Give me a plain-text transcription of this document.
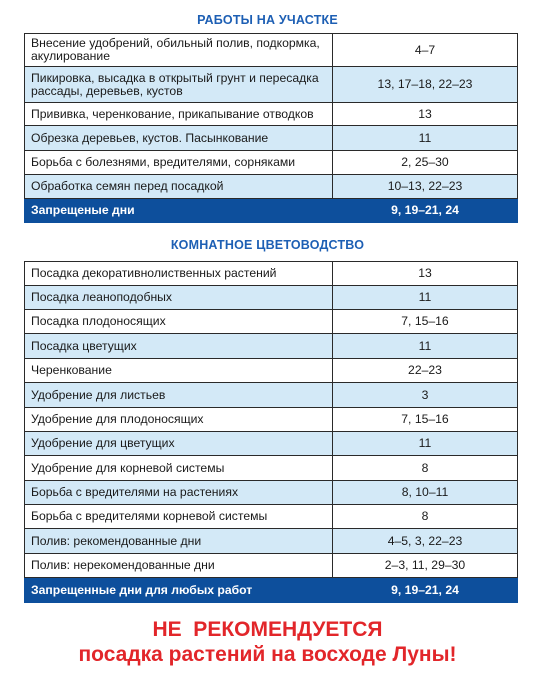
РАБОТЫ НА УЧАСТКЕ
Внесение удобрений, обильный полив, подкормка, акулирование	4–7
Пикировка, высадка в открытый грунт и пересадка рассады, деревьев, кустов	13, 17–18, 22–23
Прививка, черенкование, прикапывание отводков	13
Обрезка деревьев, кустов. Пасынкование	11
Борьба с болезнями, вредителями, сорняками	2, 25–30
Обработка семян перед посадкой	10–13, 22–23
Запрещеные дни	9, 19–21, 24
КОМНАТНОЕ ЦВЕТОВОДСТВО
Посадка декоративнолиственных растений	13
Посадка леаноподобных	11
Посадка плодоносящих	7, 15–16
Посадка цветущих	11
Черенкование	22–23
Удобрение для листьев	3
Удобрение для плодоносящих	7, 15–16
Удобрение для цветущих	11
Удобрение для корневой системы	8
Борьба с вредителями на растениях	8, 10–11
Борьба с вредителями корневой системы	8
Полив: рекомендованные дни	4–5, 3, 22–23
Полив: нерекомендованные дни	2–3, 11, 29–30
Запрещенные дни для любых работ	9, 19–21, 24
НЕ  РЕКОМЕНДУЕТСЯ
посадка растений на восходе Луны!
